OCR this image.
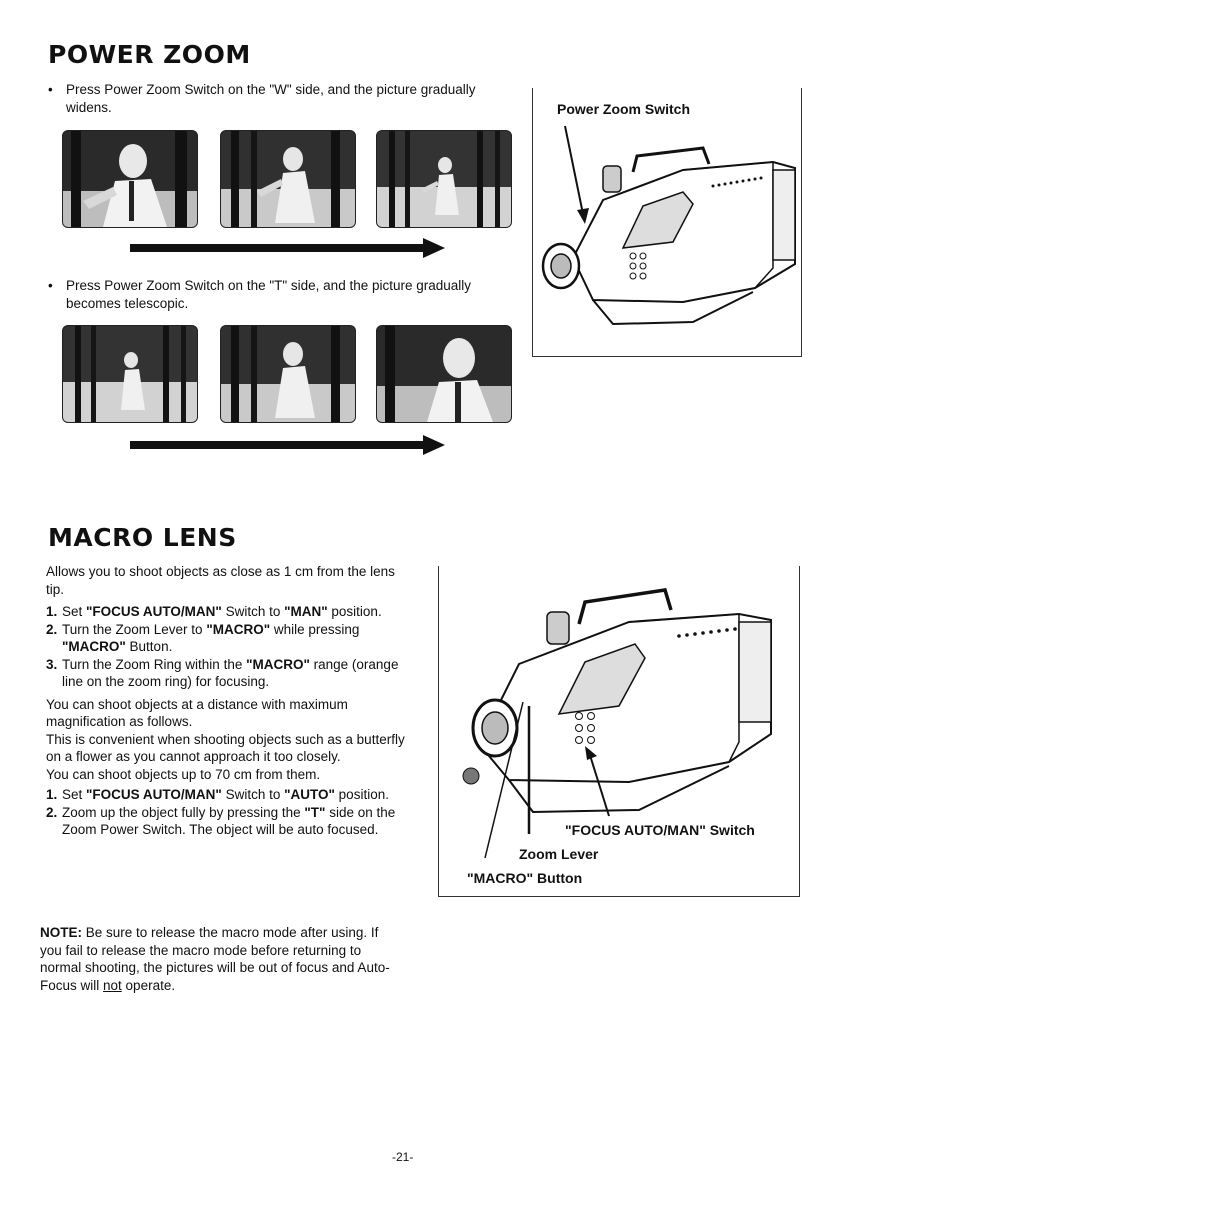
POWER ZOOM
• Press Power Zoom Switch on the "W" side, and the picture gradually widens.
• Press Power Zoom Switch on the "T" side, and the picture gradually becomes telescopic.
Power Zoom Switch
MACRO LENS
Allows you to shoot objects as close as 1 cm from the lens tip.
1. Set "FOCUS AUTO/MAN" Switch to "MAN" position.
2. Turn the Zoom Lever to "MACRO" while pressing "MACRO" Button.
3. Turn the Zoom Ring within the "MACRO" range (orange line on the zoom ring) for focusing.
You can shoot objects at a distance with maximum magnification as follows.
This is convenient when shooting objects such as a butterfly on a flower as you cannot approach it too closely.
You can shoot objects up to 70 cm from them.
1. Set "FOCUS AUTO/MAN" Switch to "AUTO" position.
2. Zoom up the object fully by pressing the "T" side on the Zoom Power Switch. The object will be auto focused.
NOTE: Be sure to release the macro mode after using. If you fail to release the macro mode before returning to normal shooting, the pictures will be out of focus and Auto-Focus will not operate.
"FOCUS AUTO/MAN" Switch
Zoom Lever
"MACRO" Button
-21-
